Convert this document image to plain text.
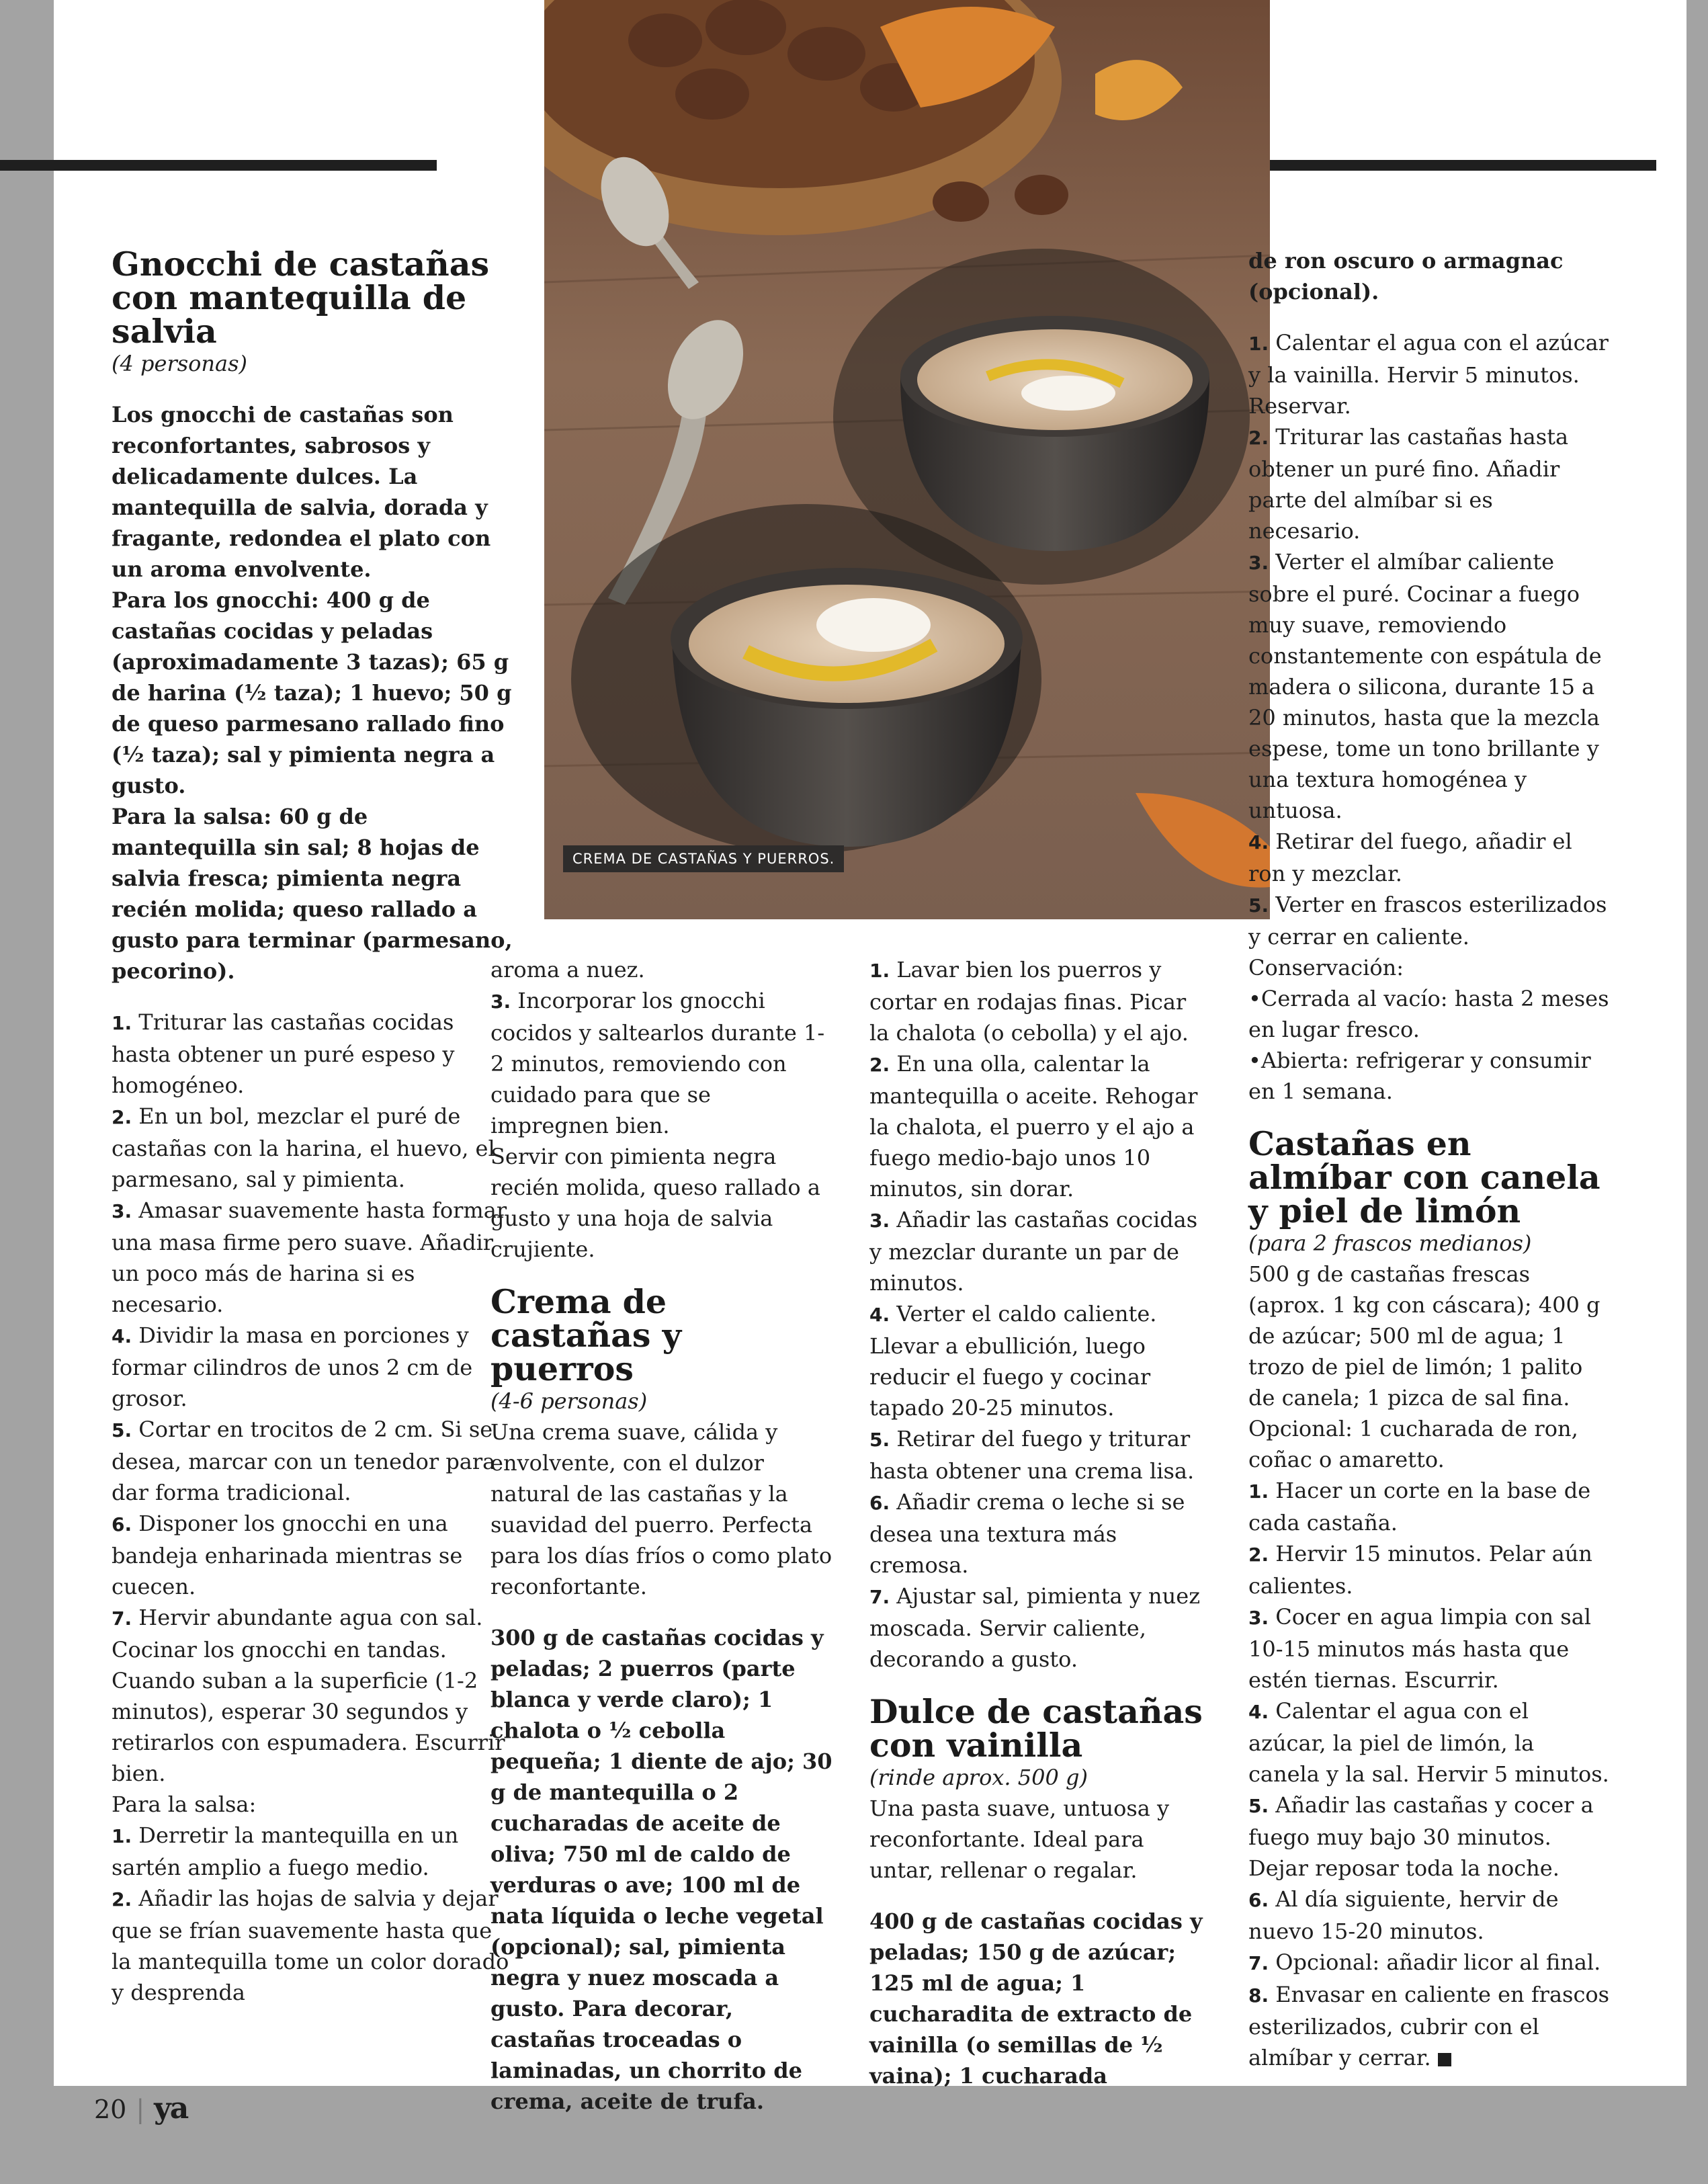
CREMA DE CASTAÑAS Y PUERROS.
Gnocchi de castañas con mantequilla de salvia

(4 personas)

Los gnocchi de castañas son reconfortantes, sabrosos y delicadamente dulces. La mantequilla de salvia, dorada y fragante, redondea el plato con un aroma envolvente.

Para los gnocchi: 400 g de castañas cocidas y peladas (aproximadamente 3 tazas); 65 g de harina (½ taza); 1 huevo; 50 g de queso parmesano rallado fino (½ taza); sal y pimienta negra a gusto.

Para la salsa: 60 g de mantequilla sin sal; 8 hojas de salvia fresca; pimienta negra recién molida; queso rallado a gusto para terminar (parmesano, pecorino).

1. Triturar las castañas cocidas hasta obtener un puré espeso y homogéneo.

2. En un bol, mezclar el puré de castañas con la harina, el huevo, el parmesano, sal y pimienta.

3. Amasar suavemente hasta formar una masa firme pero suave. Añadir un poco más de harina si es necesario.

4. Dividir la masa en porciones y formar cilindros de unos 2 cm de grosor.

5. Cortar en trocitos de 2 cm. Si se desea, marcar con un tenedor para dar forma tradicional.

6. Disponer los gnocchi en una bandeja enharinada mientras se cuecen.

7. Hervir abundante agua con sal. Cocinar los gnocchi en tandas. Cuando suban a la superficie (1-2 minutos), esperar 30 segundos y retirarlos con espumadera. Escurrir bien.

Para la salsa:

1. Derretir la mantequilla en un sartén amplio a fuego medio.

2. Añadir las hojas de salvia y dejar que se frían suavemente hasta que la mantequilla tome un color dorado y desprenda

aroma a nuez.

3. Incorporar los gnocchi cocidos y saltearlos durante 1-2 minutos, removiendo con cuidado para que se impregnen bien.

Servir con pimienta negra recién molida, queso rallado a gusto y una hoja de salvia crujiente.

Crema de castañas y puerros

(4-6 personas)

Una crema suave, cálida y envolvente, con el dulzor natural de las castañas y la suavidad del puerro. Perfecta para los días fríos o como plato reconfortante.

300 g de castañas cocidas y peladas; 2 puerros (parte blanca y verde claro); 1 chalota o ½ cebolla pequeña; 1 diente de ajo; 30 g de mantequilla o 2 cucharadas de aceite de oliva; 750 ml de caldo de verduras o ave; 100 ml de nata líquida o leche vegetal (opcional); sal, pimienta negra y nuez moscada a gusto. Para decorar, castañas troceadas o laminadas, un chorrito de crema, aceite de trufa.

1. Lavar bien los puerros y cortar en rodajas finas. Picar la chalota (o cebolla) y el ajo.

2. En una olla, calentar la mantequilla o aceite. Rehogar la chalota, el puerro y el ajo a fuego medio-bajo unos 10 minutos, sin dorar.

3. Añadir las castañas cocidas y mezclar durante un par de minutos.

4. Verter el caldo caliente. Llevar a ebullición, luego reducir el fuego y cocinar tapado 20-25 minutos.

5. Retirar del fuego y triturar hasta obtener una crema lisa.

6. Añadir crema o leche si se desea una textura más cremosa.

7. Ajustar sal, pimienta y nuez moscada. Servir caliente, decorando a gusto.

Dulce de castañas con vainilla

(rinde aprox. 500 g)

Una pasta suave, untuosa y reconfortante. Ideal para untar, rellenar o regalar.

400 g de castañas cocidas y peladas; 150 g de azúcar; 125 ml de agua; 1 cucharadita de extracto de vainilla (o semillas de ½ vaina); 1 cucharada

de ron oscuro o armagnac (opcional).

1. Calentar el agua con el azúcar y la vainilla. Hervir 5 minutos. Reservar.

2. Triturar las castañas hasta obtener un puré fino. Añadir parte del almíbar si es necesario.

3. Verter el almíbar caliente sobre el puré. Cocinar a fuego muy suave, removiendo constantemente con espátula de madera o silicona, durante 15 a 20 minutos, hasta que la mezcla espese, tome un tono brillante y una textura homogénea y untuosa.

4. Retirar del fuego, añadir el ron y mezclar.

5. Verter en frascos esterilizados y cerrar en caliente.

Conservación:

•Cerrada al vacío: hasta 2 meses en lugar fresco.

•Abierta: refrigerar y consumir en 1 semana.

Castañas en almíbar con canela y piel de limón

(para 2 frascos medianos)

500 g de castañas frescas (aprox. 1 kg con cáscara); 400 g de azúcar; 500 ml de agua; 1 trozo de piel de limón; 1 palito de canela; 1 pizca de sal fina.

Opcional: 1 cucharada de ron, coñac o amaretto.

1. Hacer un corte en la base de cada castaña.

2. Hervir 15 minutos. Pelar aún calientes.

3. Cocer en agua limpia con sal 10-15 minutos más hasta que estén tiernas. Escurrir.

4. Calentar el agua con el azúcar, la piel de limón, la canela y la sal. Hervir 5 minutos.

5. Añadir las castañas y cocer a fuego muy bajo 30 minutos. Dejar reposar toda la noche.

6. Al día siguiente, hervir de nuevo 15-20 minutos.

7. Opcional: añadir licor al final.

8. Envasar en caliente en frascos esterilizados, cubrir con el almíbar y cerrar.

20 | ya
